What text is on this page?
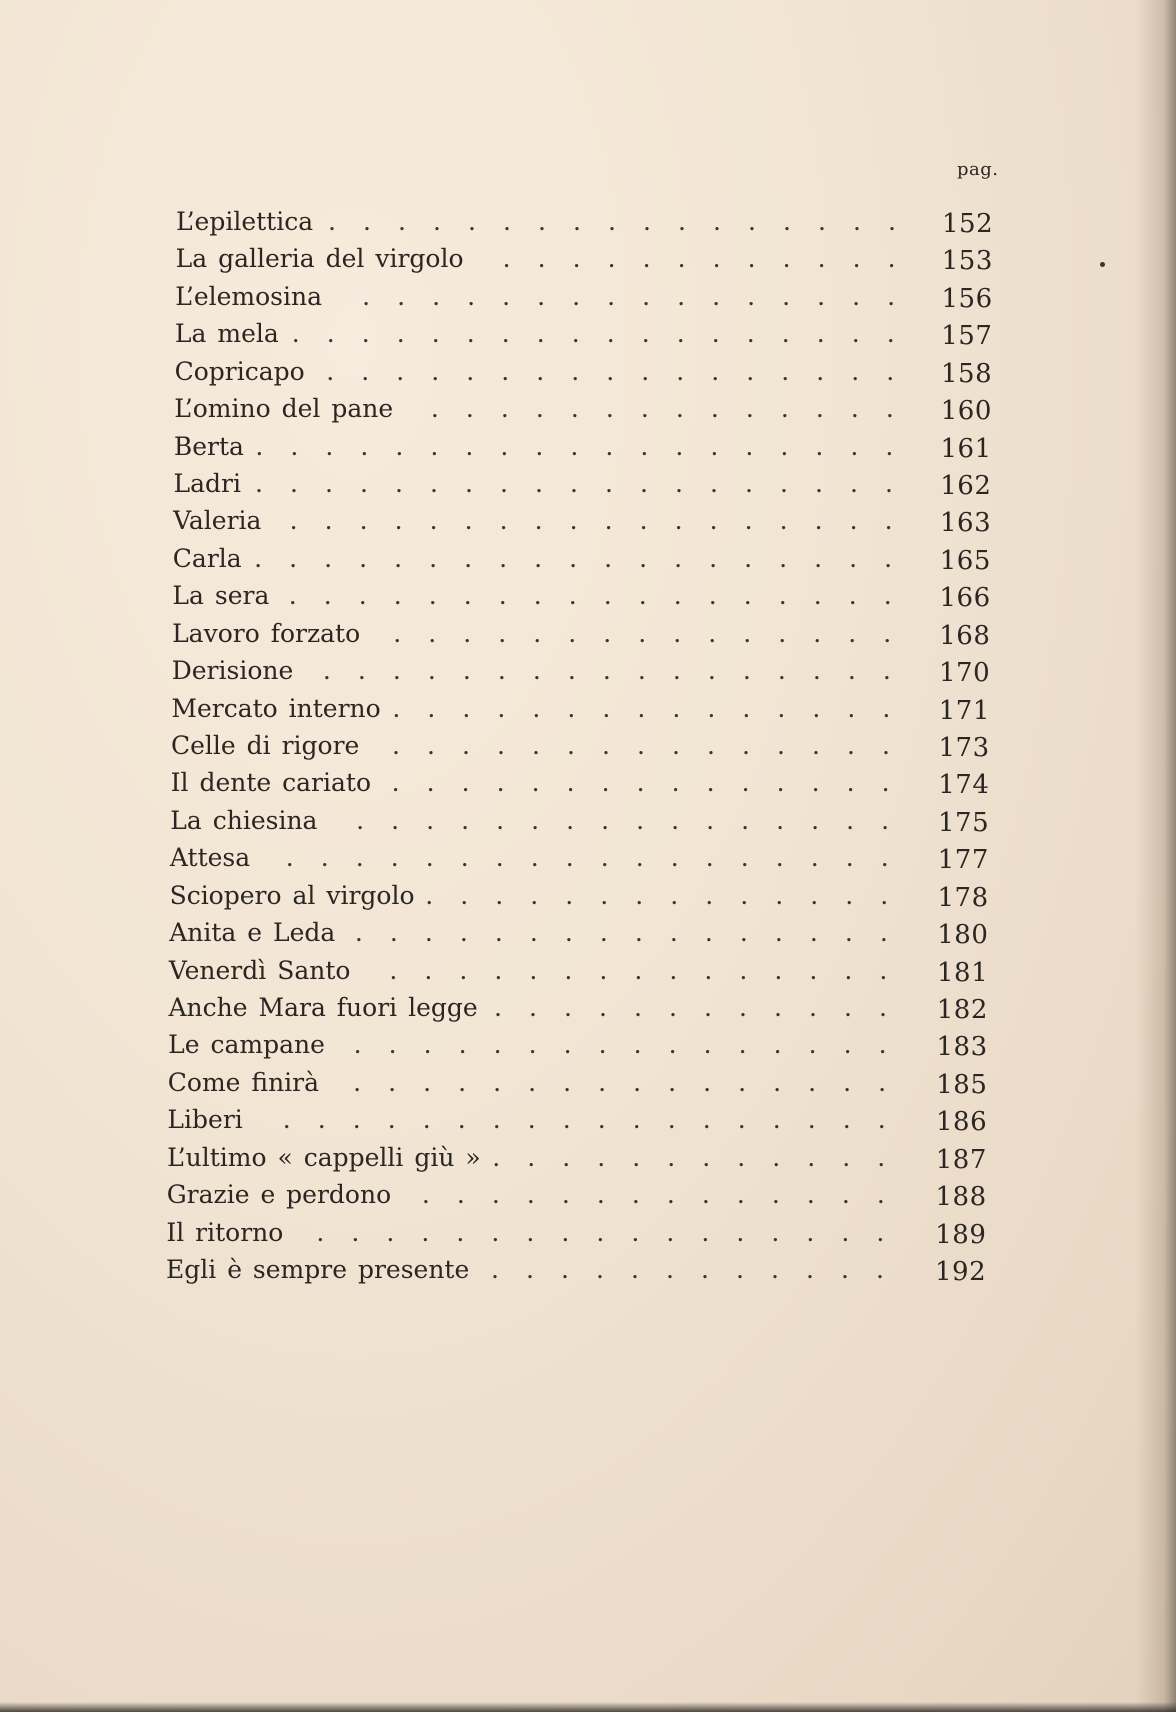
pag.
L’epilettica . . . . . . . . . . . . . . . . . 152
La galleria del virgolo . . . . . . . . . . . . 153
L’elemosina . . . . . . . . . . . . . . . . 156
La mela . . . . . . . . . . . . . . . . . . 157
Copricapo . . . . . . . . . . . . . . . . . 158
L’omino del pane . . . . . . . . . . . . . . 160
Berta . . . . . . . . . . . . . . . . . . . 161
Ladri . . . . . . . . . . . . . . . . . . . 162
Valeria . . . . . . . . . . . . . . . . . . 163
Carla . . . . . . . . . . . . . . . . . . . 165
La sera . . . . . . . . . . . . . . . . . . 166
Lavoro forzato . . . . . . . . . . . . . . . 168
Derisione . . . . . . . . . . . . . . . . . 170
Mercato interno . . . . . . . . . . . . . . . 171
Celle di rigore . . . . . . . . . . . . . . . 173
Il dente cariato . . . . . . . . . . . . . . . 174
La chiesina . . . . . . . . . . . . . . . . 175
Attesa . . . . . . . . . . . . . . . . . . 177
Sciopero al virgolo . . . . . . . . . . . . . . 178
Anita e Leda . . . . . . . . . . . . . . . . 180
Venerdì Santo . . . . . . . . . . . . . . . 181
Anche Mara fuori legge . . . . . . . . . . . . 182
Le campane . . . . . . . . . . . . . . . . 183
Come finirà . . . . . . . . . . . . . . . . 185
Liberi . . . . . . . . . . . . . . . . . . 186
L’ultimo « cappelli giù » . . . . . . . . . . . . 187
Grazie e perdono . . . . . . . . . . . . . . 188
Il ritorno . . . . . . . . . . . . . . . . . 189
Egli è sempre presente . . . . . . . . . . . . 192
